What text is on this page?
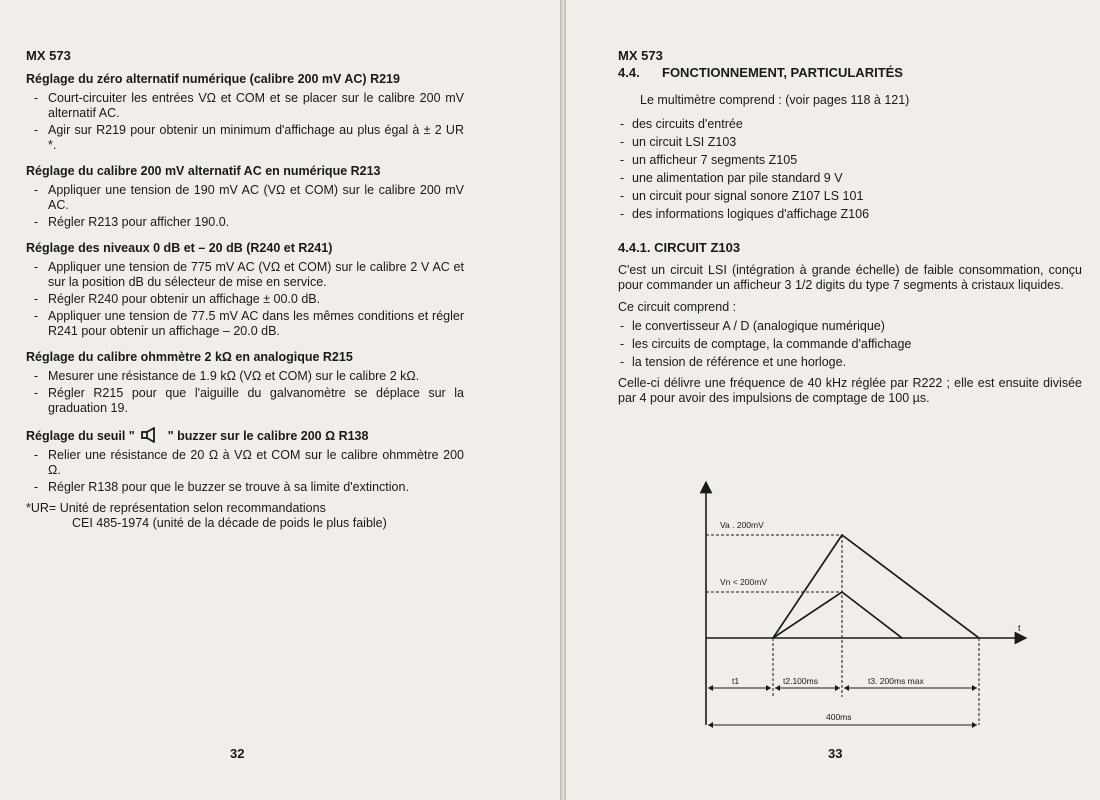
MX 573
Réglage du zéro alternatif numérique (calibre 200 mV AC) R219
- Court-circuiter les entrées VΩ et COM et se placer sur le calibre 200 mV alternatif AC.
- Agir sur R219 pour obtenir un minimum d'affichage au plus égal à ± 2 UR *.
Réglage du calibre 200 mV alternatif AC en numérique R213
- Appliquer une tension de 190 mV AC (VΩ et COM) sur le calibre 200 mV AC.
- Régler R213 pour afficher 190.0.
Réglage des niveaux 0 dB et – 20 dB (R240 et R241)
- Appliquer une tension de 775 mV AC (VΩ et COM) sur le calibre 2 V AC et sur la position dB du sélecteur de mise en service.
- Régler R240 pour obtenir un affichage ± 00.0 dB.
- Appliquer une tension de 77.5 mV AC dans les mêmes conditions et régler R241 pour obtenir un affichage – 20.0 dB.
Réglage du calibre ohmmètre 2 kΩ en analogique R215
- Mesurer une résistance de 1.9 kΩ (VΩ et COM) sur le calibre 2 kΩ.
- Régler R215 pour que l'aiguille du galvanomètre se déplace sur la graduation 19.
Réglage du seuil "	" buzzer sur le calibre 200 Ω R138
- Relier une résistance de 20 Ω à VΩ et COM sur le calibre ohmmètre 200 Ω.
- Régler R138 pour que le buzzer se trouve à sa limite d'extinction.
*UR= Unité de représentation selon recommandations
CEI 485-1974 (unité de la décade de poids le plus faible)
32
MX 573
4.4. FONCTIONNEMENT, PARTICULARITÉS

Le multimètre comprend : (voir pages 118 à 121)

- des circuits d'entrée
- un circuit LSI Z103
- un afficheur 7 segments Z105
- une alimentation par pile standard 9 V
- un circuit pour signal sonore Z107 LS 101
- des informations logiques d'affichage Z106
4.4.1. CIRCUIT Z103

C'est un circuit LSI (intégration à grande échelle) de faible consommation, conçu pour commander un afficheur 3 1/2 digits du type 7 segments à cristaux liquides.

Ce circuit comprend :

- le convertisseur A / D (analogique numérique)
- les circuits de comptage, la commande d'affichage
- la tension de référence et une horloge.

Celle-ci délivre une fréquence de 40 kHz réglée par R222 ; elle est ensuite divisée par 4 pour avoir des impulsions de comptage de 100 µs.

t
Va . 200mV
Vn < 200mV
t1	t2.100ms	t3. 200ms max
400ms
33
